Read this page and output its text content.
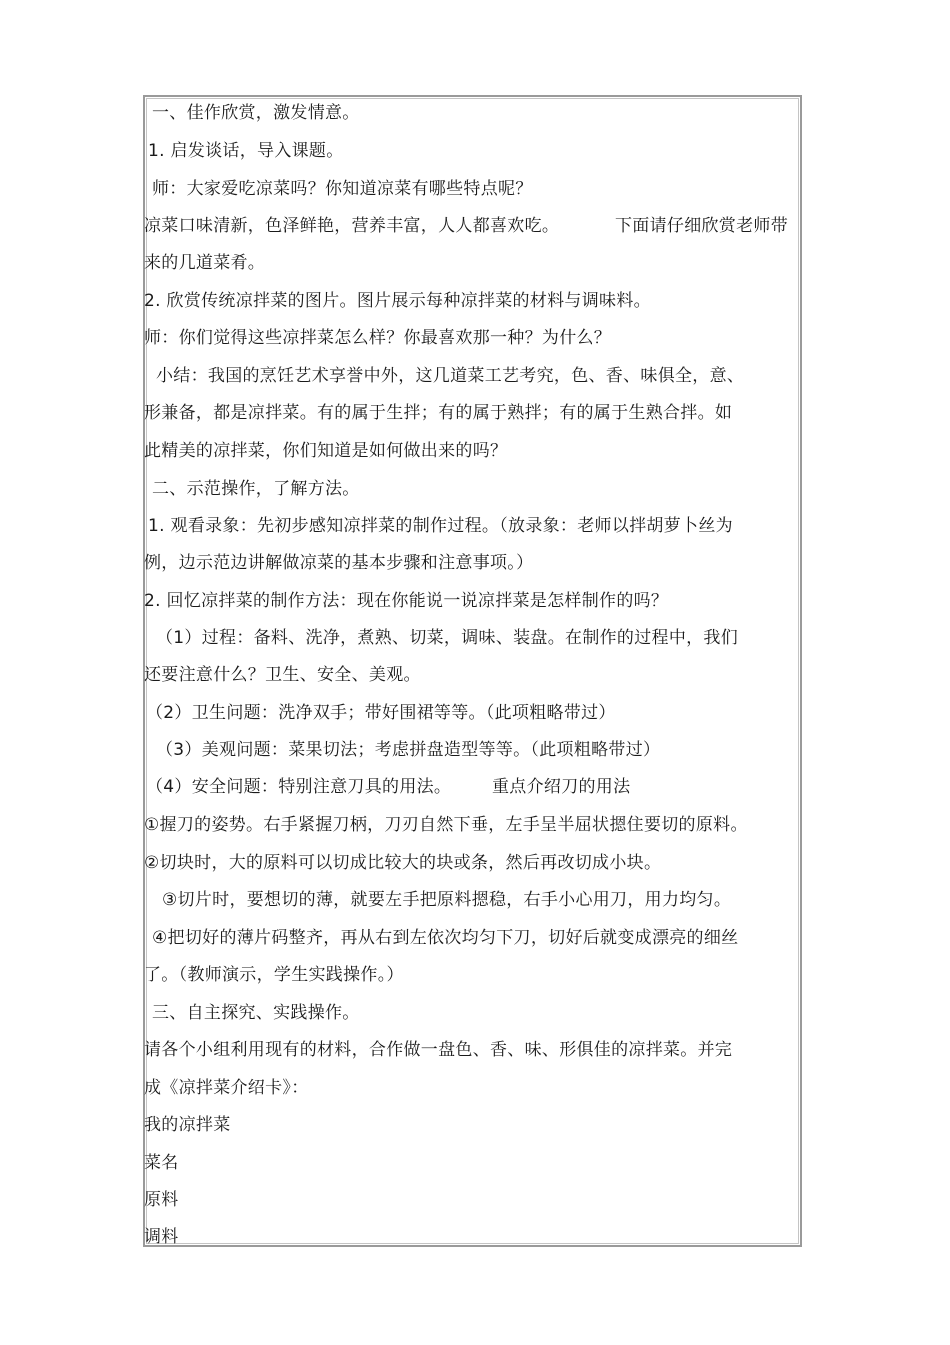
一、佳作欣赏，激发情意。
1. 启发谈话，导入课题。
师：大家爱吃凉菜吗？你知道凉菜有哪些特点呢？
凉菜口味清新，色泽鲜艳，营养丰富，人人都喜欢吃。	下面请仔细欣赏老师带
来的几道菜肴。
2. 欣赏传统凉拌菜的图片。图片展示每种凉拌菜的材料与调味料。
师：你们觉得这些凉拌菜怎么样？你最喜欢那一种？为什么？
小结：我国的烹饪艺术享誉中外，这几道菜工艺考究，色、香、味俱全，意、
形兼备，都是凉拌菜。有的属于生拌；有的属于熟拌；有的属于生熟合拌。如
此精美的凉拌菜，你们知道是如何做出来的吗？
二、示范操作，了解方法。
1. 观看录象：先初步感知凉拌菜的制作过程。（放录象：老师以拌胡萝卜丝为
例，边示范边讲解做凉菜的基本步骤和注意事项。）
2. 回忆凉拌菜的制作方法：现在你能说一说凉拌菜是怎样制作的吗？
（1）过程：备料、洗净，煮熟、切菜，调味、装盘。在制作的过程中，我们
还要注意什么？卫生、安全、美观。
（2）卫生问题：洗净双手；带好围裙等等。（此项粗略带过）
（3）美观问题：菜果切法；考虑拼盘造型等等。（此项粗略带过）
（4）安全问题：特别注意刀具的用法。 重点介绍刀的用法
①握刀的姿势。右手紧握刀柄，刀刃自然下垂，左手呈半屈状摁住要切的原料。
②切块时，大的原料可以切成比较大的块或条，然后再改切成小块。
③切片时，要想切的薄，就要左手把原料摁稳，右手小心用刀，用力均匀。
④把切好的薄片码整齐，再从右到左依次均匀下刀，切好后就变成漂亮的细丝
了。（教师演示，学生实践操作。）
三、自主探究、实践操作。
请各个小组利用现有的材料，合作做一盘色、香、味、形俱佳的凉拌菜。并完
成《凉拌菜介绍卡》：
我的凉拌菜
菜名
原料
调料
